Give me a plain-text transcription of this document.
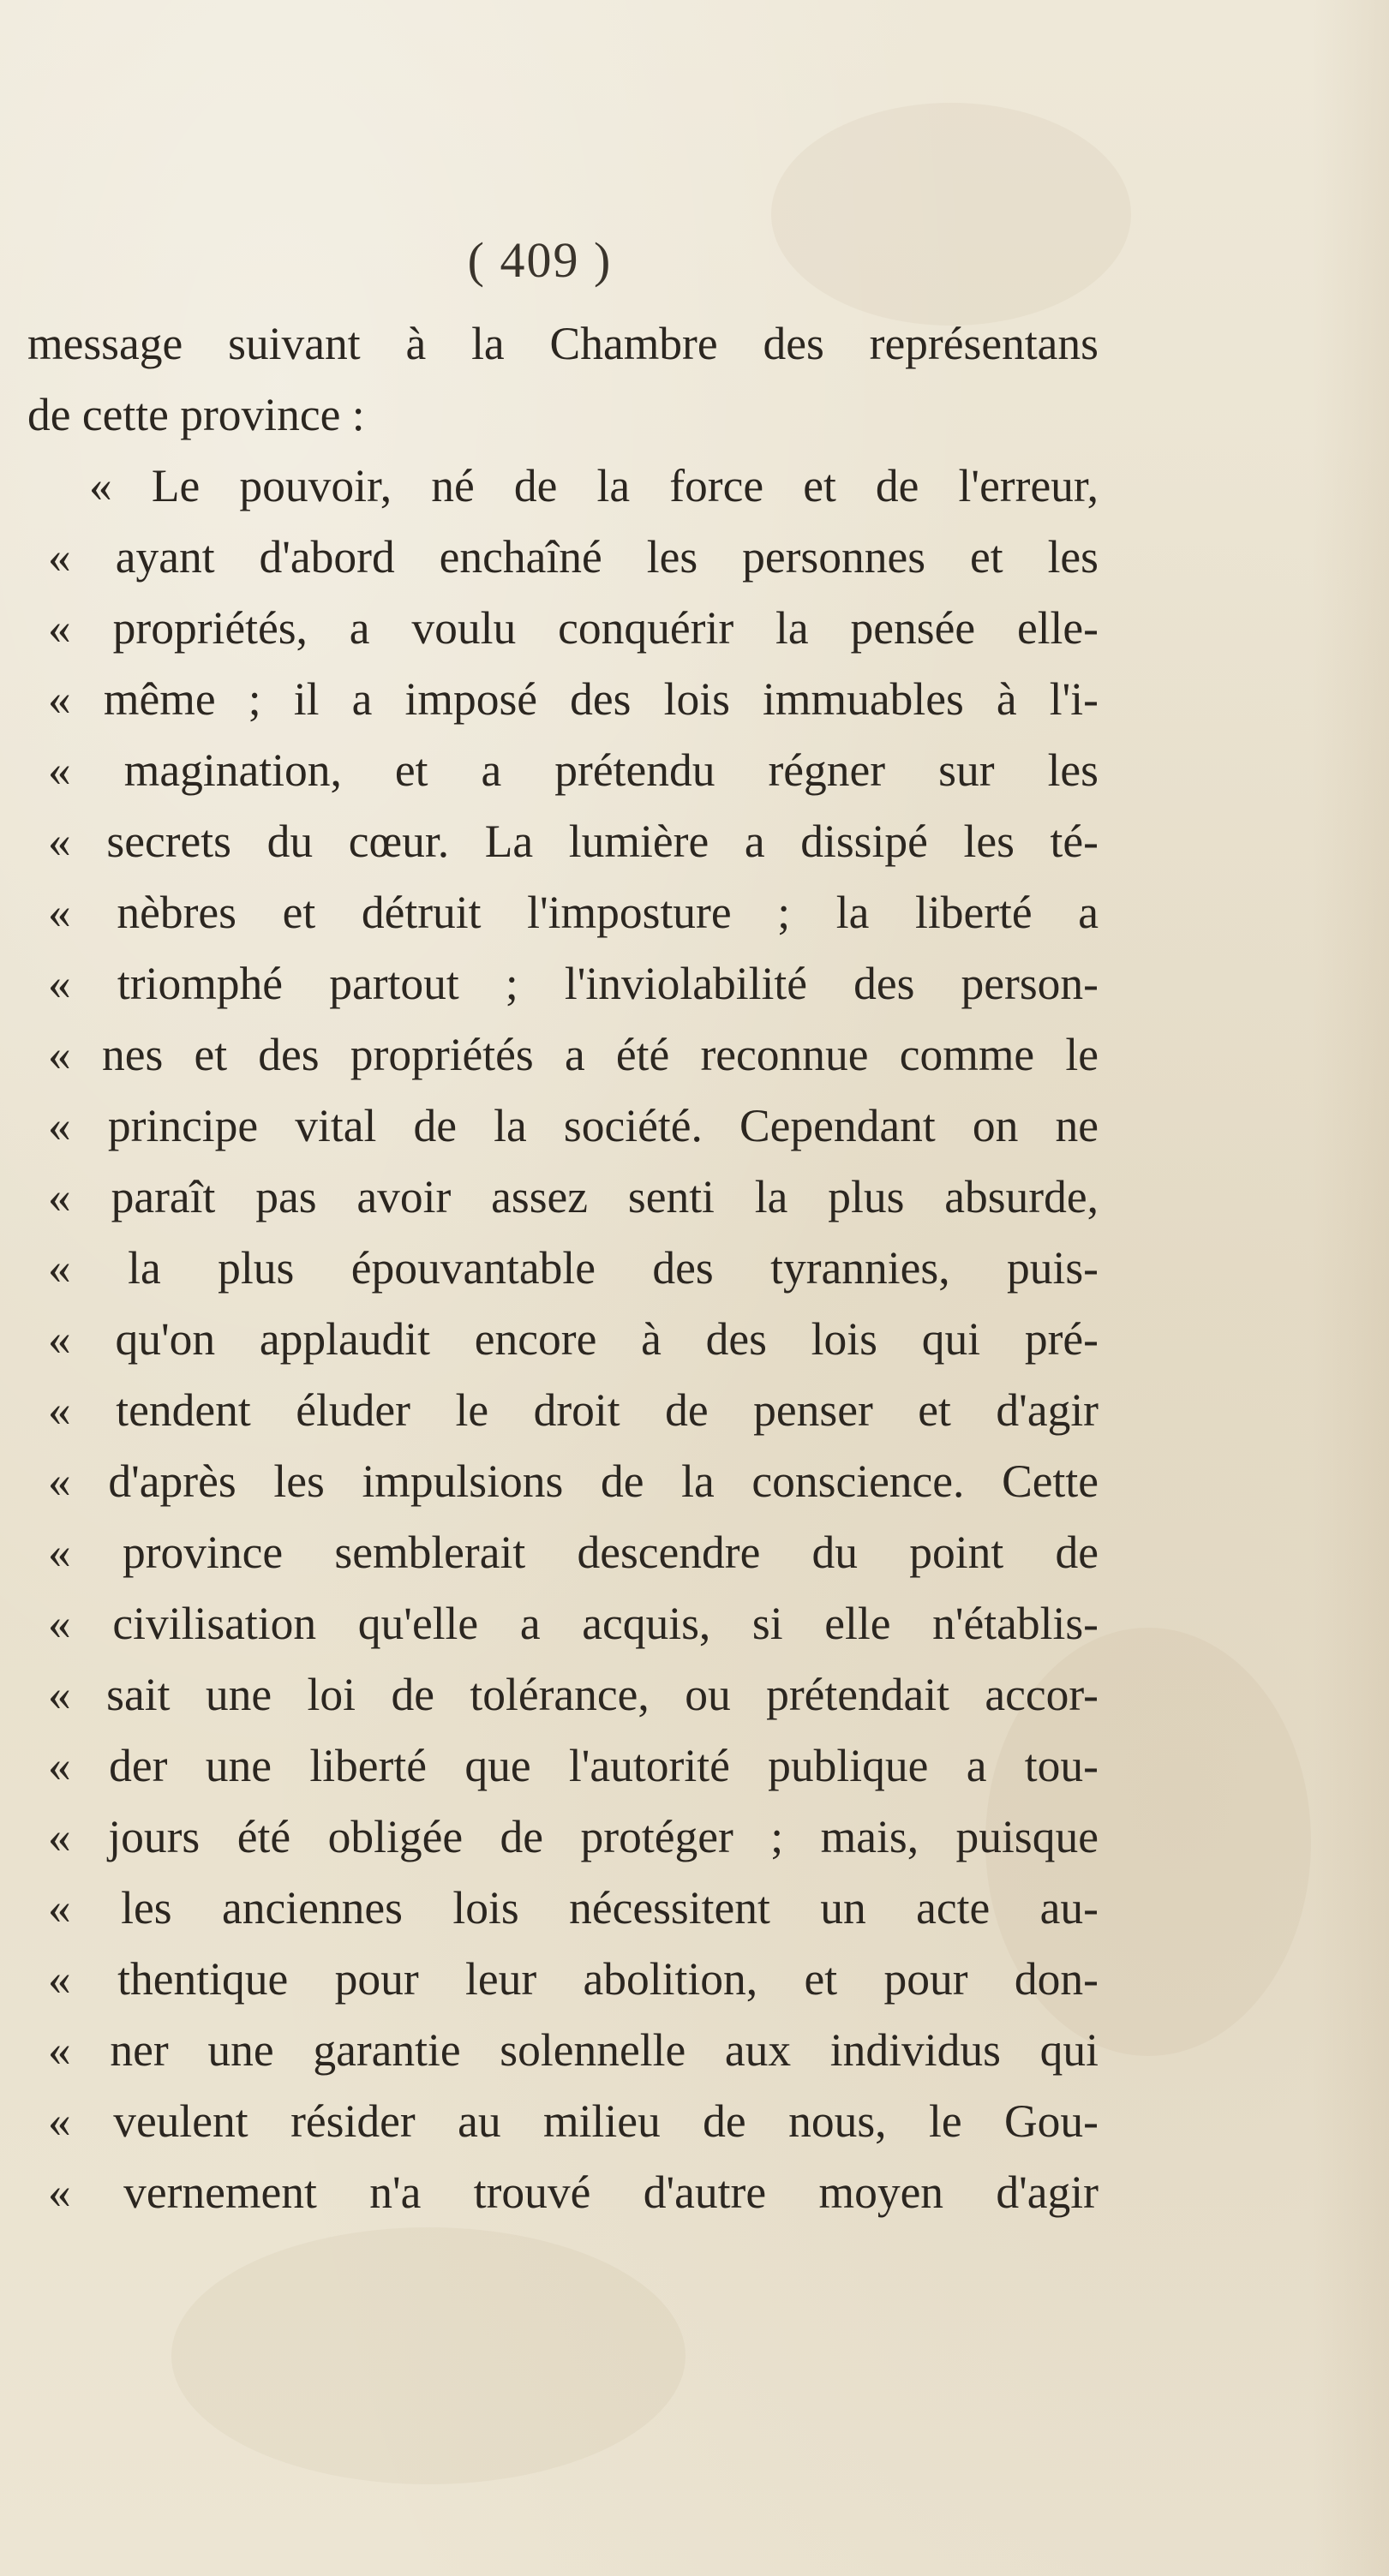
( 409 )
message suivant à la Chambre des représentans
de cette province :
« Le pouvoir, né de la force et de l'erreur,
« ayant d'abord enchaîné les personnes et les
« propriétés, a voulu conquérir la pensée elle-
« même ; il a imposé des lois immuables à l'i-
« magination, et a prétendu régner sur les
« secrets du cœur. La lumière a dissipé les té-
« nèbres et détruit l'imposture ; la liberté a
« triomphé partout ; l'inviolabilité des person-
« nes et des propriétés a été reconnue comme le
« principe vital de la société. Cependant on ne
« paraît pas avoir assez senti la plus absurde,
« la plus épouvantable des tyrannies, puis-
« qu'on applaudit encore à des lois qui pré-
« tendent éluder le droit de penser et d'agir
« d'après les impulsions de la conscience. Cette
« province semblerait descendre du point de
« civilisation qu'elle a acquis, si elle n'établis-
« sait une loi de tolérance, ou prétendait accor-
« der une liberté que l'autorité publique a tou-
« jours été obligée de protéger ; mais, puisque
« les anciennes lois nécessitent un acte au-
« thentique pour leur abolition, et pour don-
« ner une garantie solennelle aux individus qui
« veulent résider au milieu de nous, le Gou-
« vernement n'a trouvé d'autre moyen d'agir
